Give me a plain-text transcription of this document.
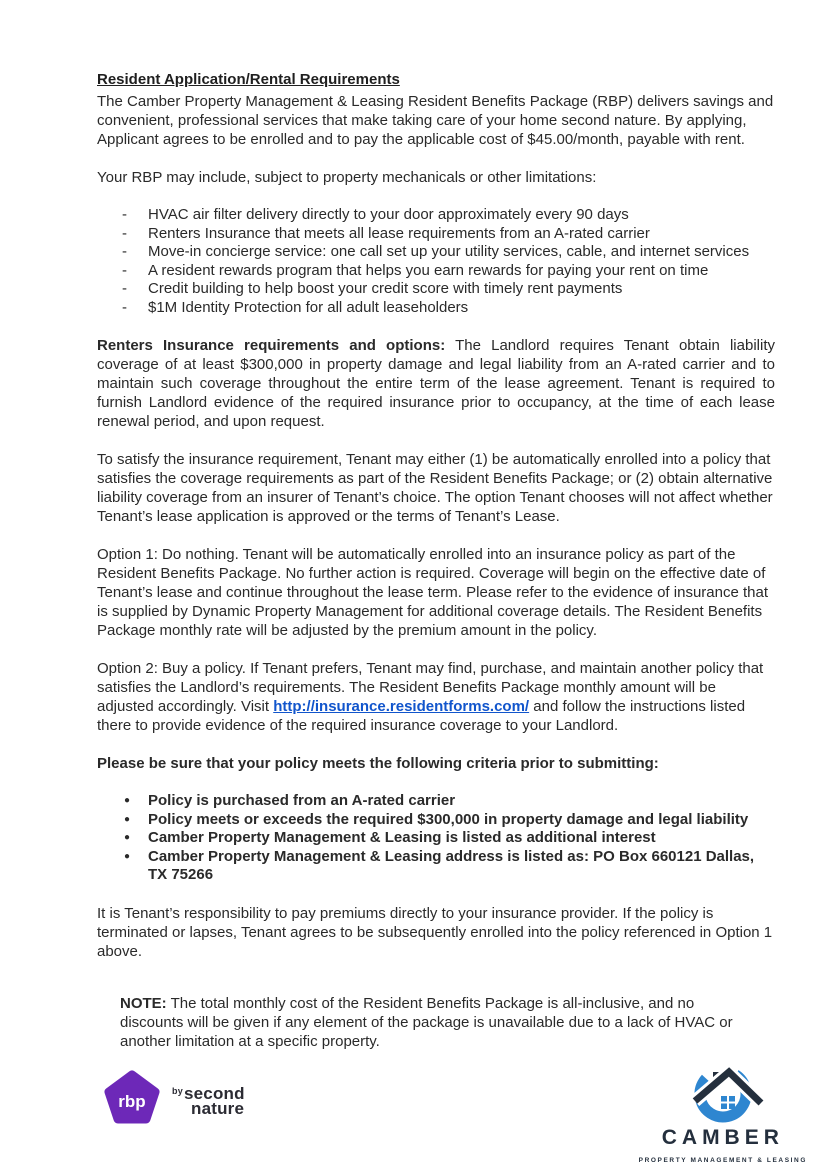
Resident Application/Rental Requirements

The Camber Property Management & Leasing Resident Benefits Package (RBP) delivers savings and convenient, professional services that make taking care of your home second nature. By applying, Applicant agrees to be enrolled and to pay the applicable cost of $45.00/month, payable with rent.

Your RBP may include, subject to property mechanicals or other limitations:

- HVAC air filter delivery directly to your door approximately every 90 days
- Renters Insurance that meets all lease requirements from an A-rated carrier
- Move-in concierge service: one call set up your utility services, cable, and internet services
- A resident rewards program that helps you earn rewards for paying your rent on time
- Credit building to help boost your credit score with timely rent payments
- $1M Identity Protection for all adult leaseholders

Renters Insurance requirements and options: The Landlord requires Tenant obtain liability coverage of at least $300,000 in property damage and legal liability from an A-rated carrier and to maintain such coverage throughout the entire term of the lease agreement. Tenant is required to furnish Landlord evidence of the required insurance prior to occupancy, at the time of each lease renewal period, and upon request.

To satisfy the insurance requirement, Tenant may either (1) be automatically enrolled into a policy that satisfies the coverage requirements as part of the Resident Benefits Package; or (2) obtain alternative liability coverage from an insurer of Tenant’s choice. The option Tenant chooses will not affect whether Tenant’s lease application is approved or the terms of Tenant’s Lease.

Option 1: Do nothing. Tenant will be automatically enrolled into an insurance policy as part of the Resident Benefits Package. No further action is required. Coverage will begin on the effective date of Tenant’s lease and continue throughout the lease term. Please refer to the evidence of insurance that is supplied by Dynamic Property Management for additional coverage details. The Resident Benefits Package monthly rate will be adjusted by the premium amount in the policy.

Option 2: Buy a policy. If Tenant prefers, Tenant may find, purchase, and maintain another policy that satisfies the Landlord’s requirements. The Resident Benefits Package monthly amount will be adjusted accordingly. Visit http://insurance.residentforms.com/ and follow the instructions listed there to provide evidence of the required insurance coverage to your Landlord.

Please be sure that your policy meets the following criteria prior to submitting:

● Policy is purchased from an A-rated carrier
● Policy meets or exceeds the required $300,000 in property damage and legal liability
● Camber Property Management & Leasing is listed as additional interest
● Camber Property Management & Leasing address is listed as: PO Box 660121 Dallas, TX 75266

It is Tenant’s responsibility to pay premiums directly to your insurance provider. If the policy is terminated or lapses, Tenant agrees to be subsequently enrolled into the policy referenced in Option 1 above.

NOTE: The total monthly cost of the Resident Benefits Package is all-inclusive, and no discounts will be given if any element of the package is unavailable due to a lack of HVAC or another limitation at a specific property.
rbp
by second
nature
CAMBER
PROPERTY MANAGEMENT & LEASING
